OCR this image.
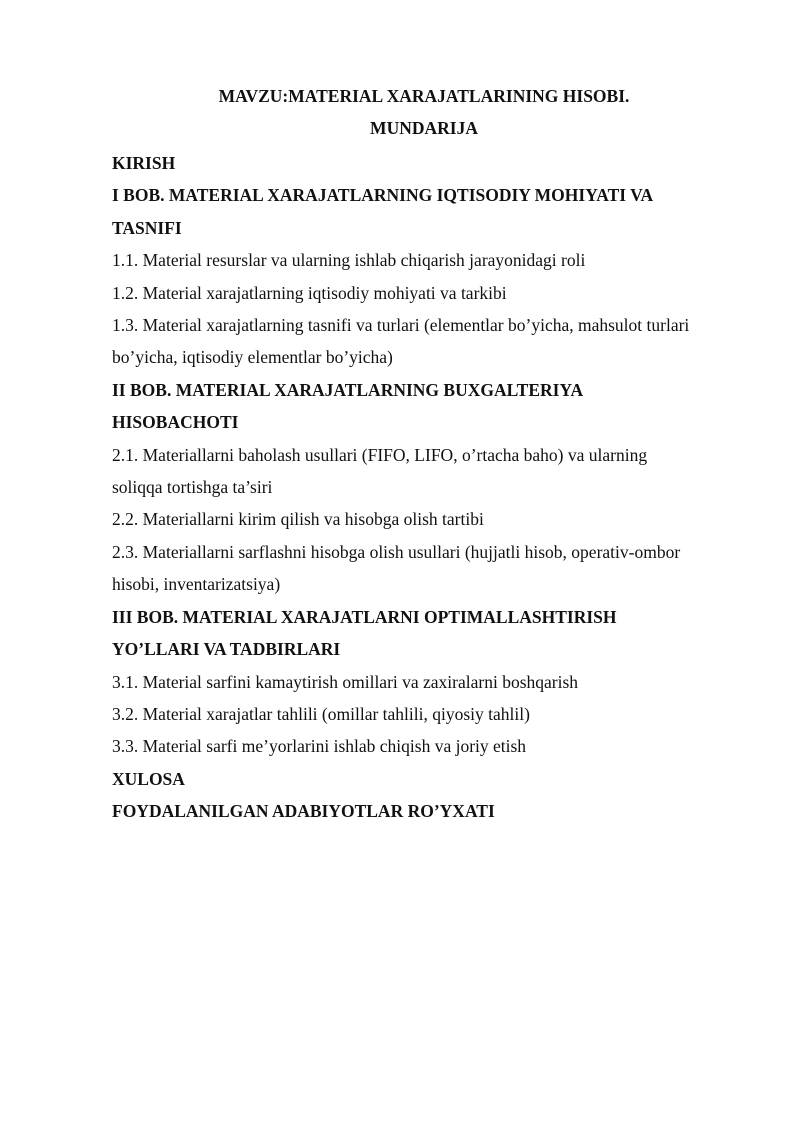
MAVZU:MATERIAL XARAJATLARINING HISOBI.
MUNDARIJA
KIRISH
I BOB. MATERIAL XARAJATLARNING IQTISODIY MOHIYATI VA
TASNIFI
1.1. Material resurslar va ularning ishlab chiqarish jarayonidagi roli
1.2. Material xarajatlarning iqtisodiy mohiyati va tarkibi
1.3. Material xarajatlarning tasnifi va turlari (elementlar bo’yicha, mahsulot turlari
bo’yicha, iqtisodiy elementlar bo’yicha)
II BOB. MATERIAL XARAJATLARNING BUXGALTERIYA
HISOBACHOTI
2.1. Materiallarni baholash usullari (FIFO, LIFO, o’rtacha baho) va ularning
soliqqa tortishga ta’siri
2.2. Materiallarni kirim qilish va hisobga olish tartibi
2.3. Materiallarni sarflashni hisobga olish usullari (hujjatli hisob, operativ-ombor
hisobi, inventarizatsiya)
III BOB. MATERIAL XARAJATLARNI OPTIMALLASHTIRISH
YO’LLARI VA TADBIRLARI
3.1. Material sarfini kamaytirish omillari va zaxiralarni boshqarish
3.2. Material xarajatlar tahlili (omillar tahlili, qiyosiy tahlil)
3.3. Material sarfi me’yorlarini ishlab chiqish va joriy etish
XULOSA
FOYDALANILGAN ADABIYOTLAR RO’YXATI
